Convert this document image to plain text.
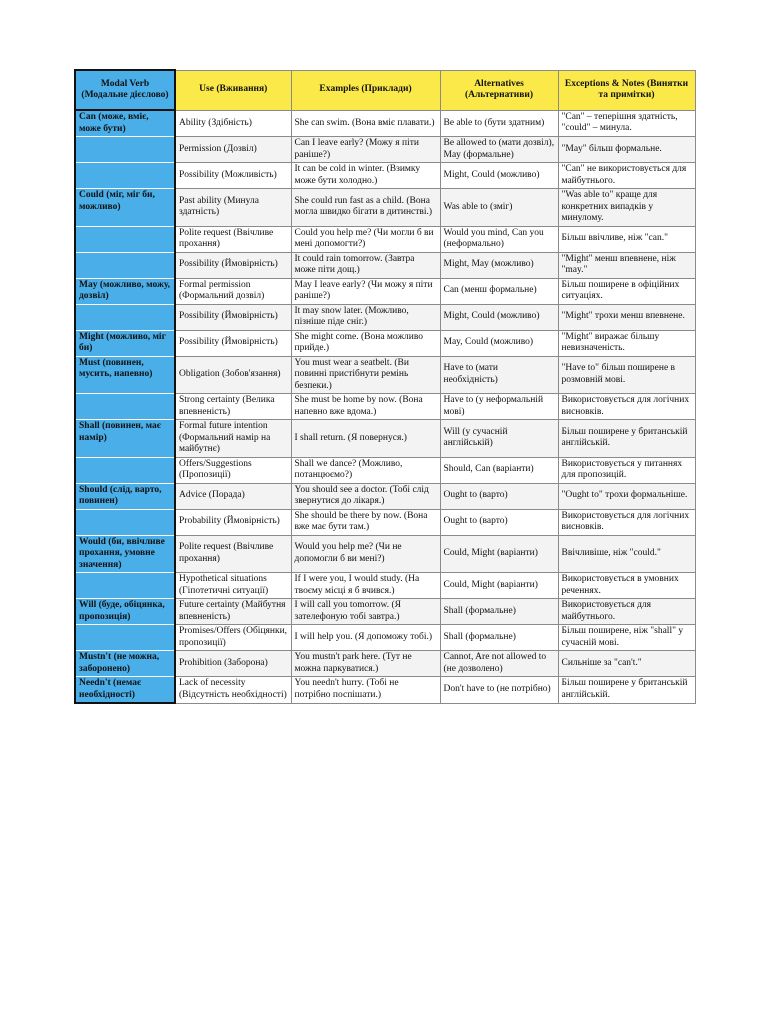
Modal Verb (Модальне дієслово)	Use (Вживання)	Examples (Приклади)	Alternatives (Альтернативи)	Exceptions & Notes (Винятки та примітки)
Can (може, вміє, може бути)	Ability (Здібність)	She can swim. (Вона вміє плавати.)	Be able to (бути здатним)	"Can" – теперішня здатність, "could" – минула.
	Permission (Дозвіл)	Can I leave early? (Можу я піти раніше?)	Be allowed to (мати дозвіл), May (формальне)	"May" більш формальне.
	Possibility (Можливість)	It can be cold in winter. (Взимку може бути холодно.)	Might, Could (можливо)	"Can" не використовується для майбутнього.
Could (міг, міг би, можливо)	Past ability (Минула здатність)	She could run fast as a child. (Вона могла швидко бігати в дитинстві.)	Was able to (зміг)	"Was able to" краще для конкретних випадків у минулому.
	Polite request (Ввічливе прохання)	Could you help me? (Чи могли б ви мені допомогти?)	Would you mind, Can you (неформально)	Більш ввічливе, ніж "can."
	Possibility (Ймовірність)	It could rain tomorrow. (Завтра може піти дощ.)	Might, May (можливо)	"Might" менш впевнене, ніж "may."
May (можливо, можу, дозвіл)	Formal permission (Формальний дозвіл)	May I leave early? (Чи можу я піти раніше?)	Can (менш формальне)	Більш поширене в офіційних ситуаціях.
	Possibility (Ймовірність)	It may snow later. (Можливо, пізніше піде сніг.)	Might, Could (можливо)	"Might" трохи менш впевнене.
Might (можливо, міг би)	Possibility (Ймовірність)	She might come. (Вона можливо прийде.)	May, Could (можливо)	"Might" виражає більшу невизначеність.
Must (повинен, мусить, напевно)	Obligation (Зобов'язання)	You must wear a seatbelt. (Ви повинні пристібнути ремінь безпеки.)	Have to (мати необхідність)	"Have to" більш поширене в розмовній мові.
	Strong certainty (Велика впевненість)	She must be home by now. (Вона напевно вже вдома.)	Have to (у неформальній мові)	Використовується для логічних висновків.
Shall (повинен, має намір)	Formal future intention (Формальний намір на майбутнє)	I shall return. (Я повернуся.)	Will (у сучасній англійській)	Більш поширене у британській англійській.
	Offers/Suggestions (Пропозиції)	Shall we dance? (Можливо, потанцюємо?)	Should, Can (варіанти)	Використовується у питаннях для пропозицій.
Should (слід, варто, повинен)	Advice (Порада)	You should see a doctor. (Тобі слід звернутися до лікаря.)	Ought to (варто)	"Ought to" трохи формальніше.
	Probability (Ймовірність)	She should be there by now. (Вона вже має бути там.)	Ought to (варто)	Використовується для логічних висновків.
Would (би, ввічливе прохання, умовне значення)	Polite request (Ввічливе прохання)	Would you help me? (Чи не допомогли б ви мені?)	Could, Might (варіанти)	Ввічливіше, ніж "could."
	Hypothetical situations (Гіпотетичні ситуації)	If I were you, I would study. (На твоєму місці я б вчився.)	Could, Might (варіанти)	Використовується в умовних реченнях.
Will (буде, обіцянка, пропозиція)	Future certainty (Майбутня впевненість)	I will call you tomorrow. (Я зателефоную тобі завтра.)	Shall (формальне)	Використовується для майбутнього.
	Promises/Offers (Обіцянки, пропозиції)	I will help you. (Я допоможу тобі.)	Shall (формальне)	Більш поширене, ніж "shall" у сучасній мові.
Mustn't (не можна, заборонено)	Prohibition (Заборона)	You mustn't park here. (Тут не можна паркуватися.)	Cannot, Are not allowed to (не дозволено)	Сильніше за "can't."
Needn't (немає необхідності)	Lack of necessity (Відсутність необхідності)	You needn't hurry. (Тобі не потрібно поспішати.)	Don't have to (не потрібно)	Більш поширене у британській англійській.
